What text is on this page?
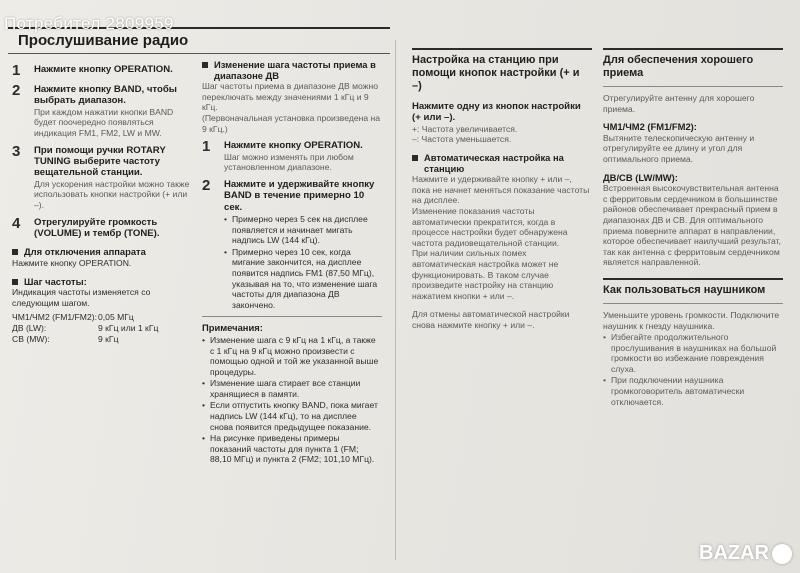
Потребител 2809959
Прослушивание радио
1	Нажмите кнопку OPERATION.
2	Нажмите кнопку BAND, чтобы выбрать диапазон.
При каждом нажатии кнопки BAND будет поочередно появляться индикация FM1, FM2, LW и MW.
3	При помощи ручки ROTARY TUNING выберите частоту вещательной станции.
Для ускорения настройки можно также использовать кнопки настройки (+ или –).
4	Отрегулируйте громкость (VOLUME) и тембр (TONE).
Для отключения аппарата
Нажмите кнопку OPERATION.
Шаг частоты:
Индикация частоты изменяется со следующим шагом.
ЧМ1/ЧМ2 (FM1/FM2): 0,05 МГц
ДВ (LW):	9 кГц или 1 кГц
СВ (MW):	9 кГц
Изменение шага частоты приема в диапазоне ДВ
Шаг частоты приема в диапазоне ДВ можно переключать между значениями 1 кГц и 9 кГц.
(Первоначальная установка произведена на 9 кГц.)
1	Нажмите кнопку OPERATION.
Шаг можно изменять при любом установленном диапазоне.
2	Нажмите и удерживайте кнопку BAND в течение примерно 10 сек.
• Примерно через 5 сек на дисплее появляется и начинает мигать надпись LW (144 кГц).
• Примерно через 10 сек, когда мигание закончится, на дисплее появится надпись FM1 (87,50 МГц), указывая на то, что изменение шага частоты для диапазона ДВ закончено.
Примечания:
• Изменение шага с 9 кГц на 1 кГц, а также с 1 кГц на 9 кГц можно произвести с помощью одной и той же указанной выше процедуры.
• Изменение шага стирает все станции хранящиеся в памяти.
• Если отпустить кнопку BAND, пока мигает надпись LW (144 кГц), то на дисплее снова появится предыдущее показание.
• На рисунке приведены примеры показаний частоты для пункта 1 (FM; 88,10 МГц) и пункта 2 (FM2; 101,10 МГц).
Настройка на станцию при помощи кнопок настройки (+ и –)
Нажмите одну из кнопок настройки (+ или –).
+: Частота увеличивается.
–: Частота уменьшается.
Автоматическая настройка на станцию
Нажмите и удерживайте кнопку + или –, пока не начнет меняться показание частоты на дисплее.
Изменение показания частоты автоматически прекратится, когда в процессе настройки будет обнаружена частота радиовещательной станции.
При наличии сильных помех автоматическая настройка может не функционировать. В таком случае произведите настройку на станцию нажатием кнопки + или –.
Для отмены автоматической настройки снова нажмите кнопку + или –.
Для обеспечения хорошего приема
Отрегулируйте антенну для хорошего приема.
ЧМ1/ЧМ2 (FM1/FM2):
Вытяните телескопическую антенну и отрегулируйте ее длину и угол для оптимального приема.
ДВ/СВ (LW/MW):
Встроенная высокочувствительная антенна с ферритовым сердечником в большинстве районов обеспечивает прекрасный прием в диапазонах ДВ и СВ. Для оптимального приема поверните аппарат в направлении, которое обеспечивает наилучший результат, так как антенна с ферритовым сердечником является направленной.
Как пользоваться наушником
Уменьшите уровень громкости. Подключите наушник к гнезду наушника.
• Избегайте продолжительного прослушивания в наушниках на большой громкости во избежание повреждения слуха.
• При подключении наушника громкоговоритель автоматически отключается.
BAZAR
